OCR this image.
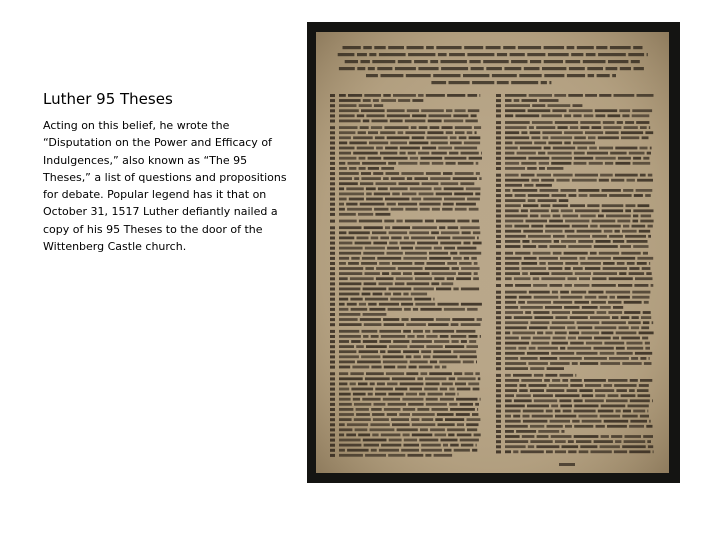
Luther 95 Theses
Acting on this belief, he wrote the “Disputation on the Power and Efficacy of Indulgences,” also known as “The 95 Theses,” a list of questions and propositions for debate. Popular legend has it that on October 31, 1517 Luther defiantly nailed a copy of his 95 Theses to the door of the Wittenberg Castle church.
